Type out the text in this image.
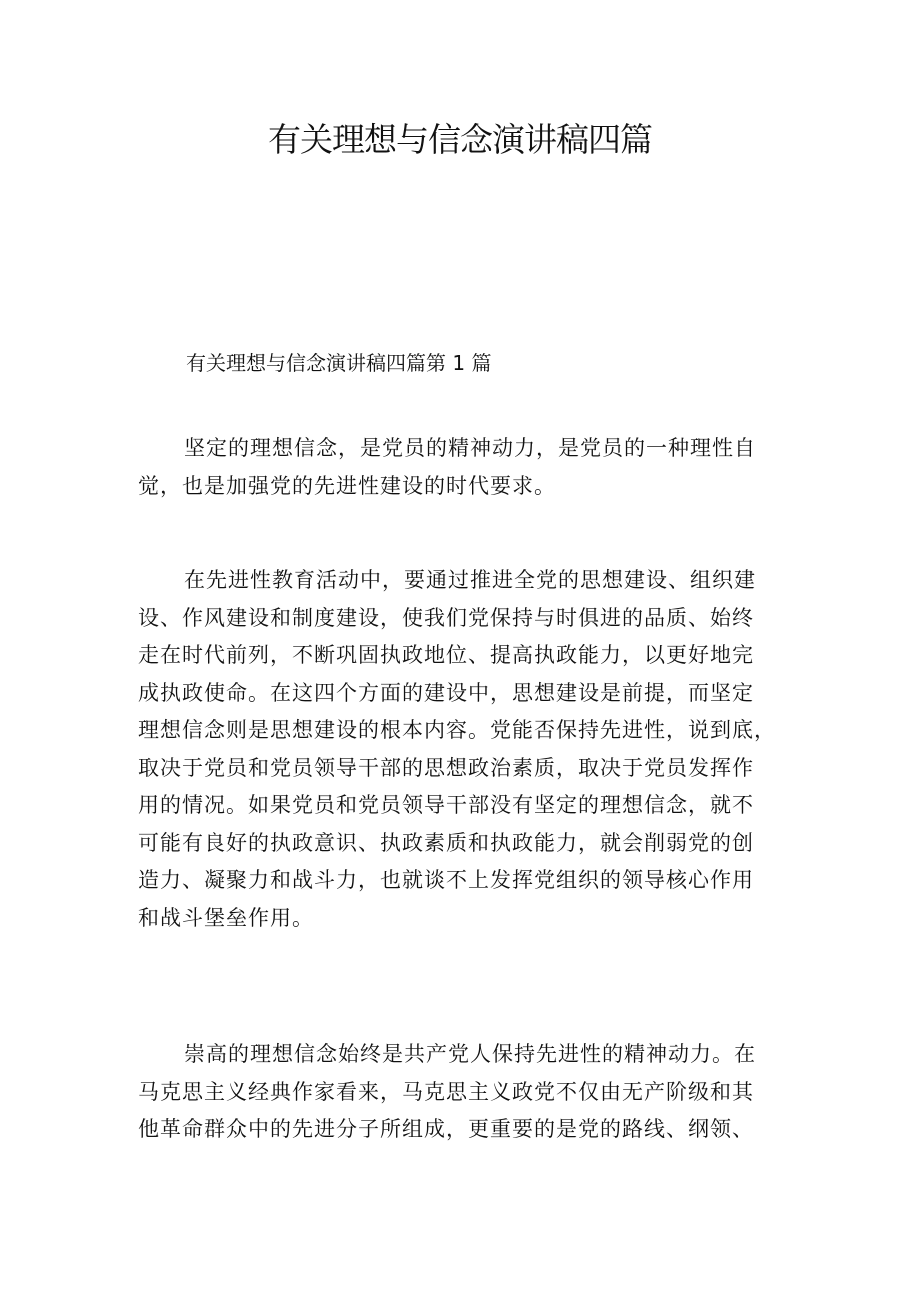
有关理想与信念演讲稿四篇

有关理想与信念演讲稿四篇第 1 篇

坚定的理想信念，是党员的精神动力，是党员的一种理性自
觉，也是加强党的先进性建设的时代要求。

在先进性教育活动中，要通过推进全党的思想建设、组织建
设、作风建设和制度建设，使我们党保持与时俱进的品质、始终
走在时代前列，不断巩固执政地位、提高执政能力，以更好地完
成执政使命。在这四个方面的建设中，思想建设是前提，而坚定
理想信念则是思想建设的根本内容。党能否保持先进性，说到底，
取决于党员和党员领导干部的思想政治素质，取决于党员发挥作
用的情况。如果党员和党员领导干部没有坚定的理想信念，就不
可能有良好的执政意识、执政素质和执政能力，就会削弱党的创
造力、凝聚力和战斗力，也就谈不上发挥党组织的领导核心作用
和战斗堡垒作用。

崇高的理想信念始终是共产党人保持先进性的精神动力。在
马克思主义经典作家看来，马克思主义政党不仅由无产阶级和其
他革命群众中的先进分子所组成，更重要的是党的路线、纲领、
